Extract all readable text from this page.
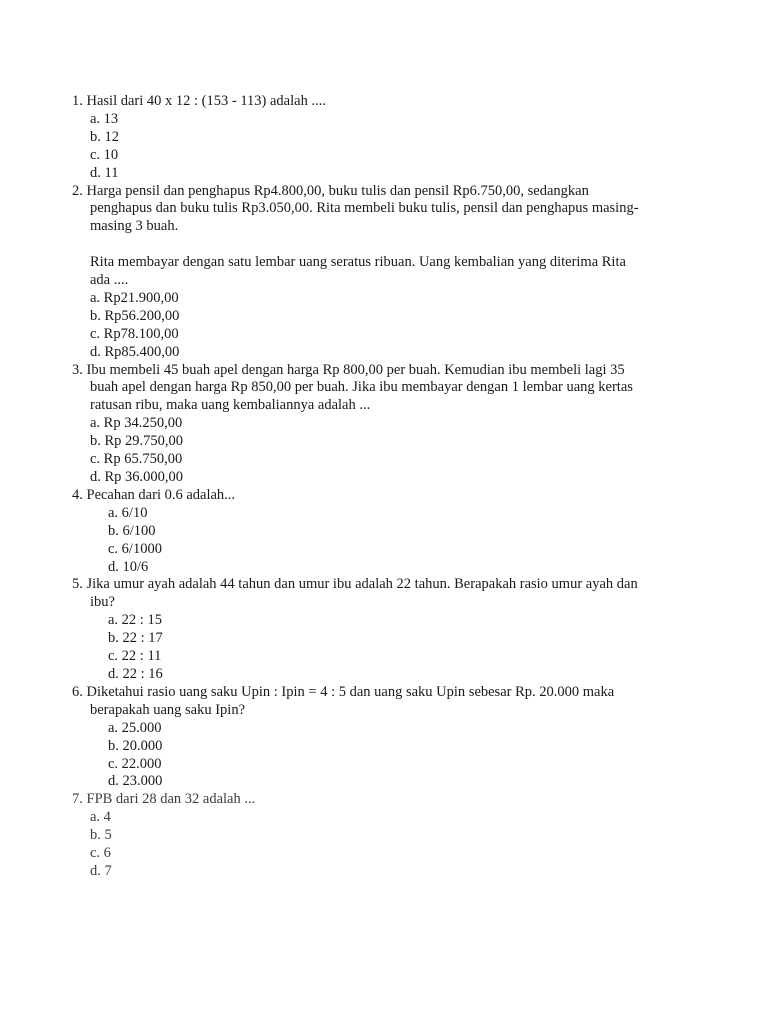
1. Hasil dari 40 x 12 : (153 - 113) adalah ....
a. 13
b. 12
c. 10
d. 11
2. Harga pensil dan penghapus Rp4.800,00, buku tulis dan pensil Rp6.750,00, sedangkan
penghapus dan buku tulis Rp3.050,00. Rita membeli buku tulis, pensil dan penghapus masing-
masing 3 buah.
Rita membayar dengan satu lembar uang seratus ribuan. Uang kembalian yang diterima Rita
ada ....
a. Rp21.900,00
b. Rp56.200,00
c. Rp78.100,00
d. Rp85.400,00
3. Ibu membeli 45 buah apel dengan harga Rp 800,00 per buah. Kemudian ibu membeli lagi 35
buah apel dengan harga Rp 850,00 per buah. Jika ibu membayar dengan 1 lembar uang kertas
ratusan ribu, maka uang kembaliannya adalah ...
a. Rp 34.250,00
b. Rp 29.750,00
c. Rp 65.750,00
d. Rp 36.000,00
4. Pecahan dari 0.6 adalah...
a. 6/10
b. 6/100
c. 6/1000
d. 10/6
5. Jika umur ayah adalah 44 tahun dan umur ibu adalah 22 tahun. Berapakah rasio umur ayah dan
ibu?
a. 22 : 15
b. 22 : 17
c. 22 : 11
d. 22 : 16
6. Diketahui rasio uang saku Upin : Ipin = 4 : 5 dan uang saku Upin sebesar Rp. 20.000 maka
berapakah uang saku Ipin?
a. 25.000
b. 20.000
c. 22.000
d. 23.000
7. FPB dari 28 dan 32 adalah ...
a. 4
b. 5
c. 6
d. 7
